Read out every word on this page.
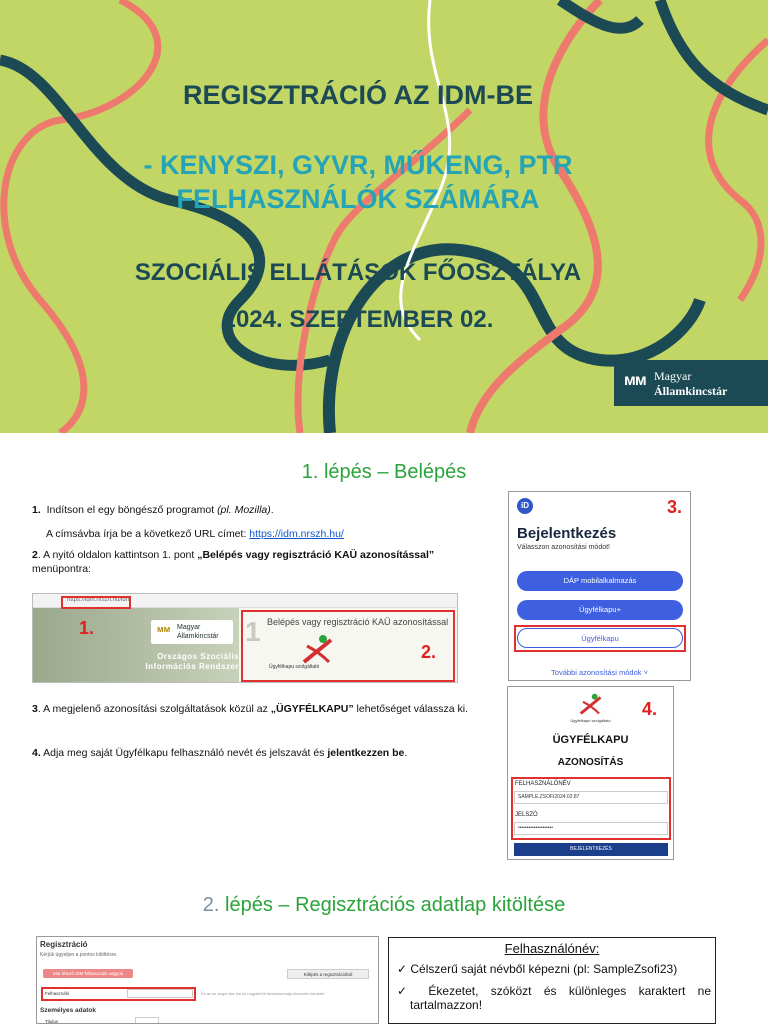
REGISZTRÁCIÓ AZ IDM-BE
- KENYSZI, GYVR, MŰKENG, PTR
FELHASZNÁLÓK SZÁMÁRA
SZOCIÁLIS ELLÁTÁSOK FŐOSZTÁLYA
2024. SZEPTEMBER 02.
ᴍᴍ Magyar
Államkincstár
1. lépés – Belépés
1. Indítson el egy böngésző programot (pl. Mozilla).
A címsávba írja be a következő URL címet: https://idm.nrszh.hu/
2. A nyitó oldalon kattintson 1. pont „Belépés vagy regisztráció KAÜ azonosítással”
menüpontra:
https://idm.nrszh.hu/idm
ᴍᴍ Magyar
Államkincstár
Országos Szociális
Információs Rendszer
1 Belépés vagy regisztráció KAÜ azonosítással
Ügyfélkapu szolgáltató
1.
2.
iD	3.
Bejelentkezés
Válasszon azonosítási módot!
DÁP mobilalkalmazás
Ügyfélkapu+
Ügyfélkapu
További azonosítási módok ˅
3. A megjelenő azonosítási szolgáltatások közül az „ÜGYFÉLKAPU” lehetőséget válassza ki.
4. Adja meg saját Ügyfélkapu felhasználó nevét és jelszavát és jelentkezzen be.
4.
Ügyfélkapu szolgáltató
ÜGYFÉLKAPU
AZONOSÍTÁS
FELHASZNÁLÓNÉV
SAMPLE.ZSOFI2024.02.87
JELSZÓ
••••••••••••••••••••
BEJELENTKEZÉS
2. lépés – Regisztrációs adatlap kitöltése
Regisztráció
Kérjük ügyeljen a pontos kitöltésre.
Már létező IDM felhasználó vagyok	Kilépés a regisztrációból
Felhasználó	Ez az az angol abc kis és nagybetűit tartalmazhatja ékezetes karakter
Személyes adatok
Titulus
Felhasználónév:
✓ Célszerű saját névből képezni (pl: SampleZsofi23)
✓ Ékezetet, szóközt és különleges karaktert ne tartalmazzon!
